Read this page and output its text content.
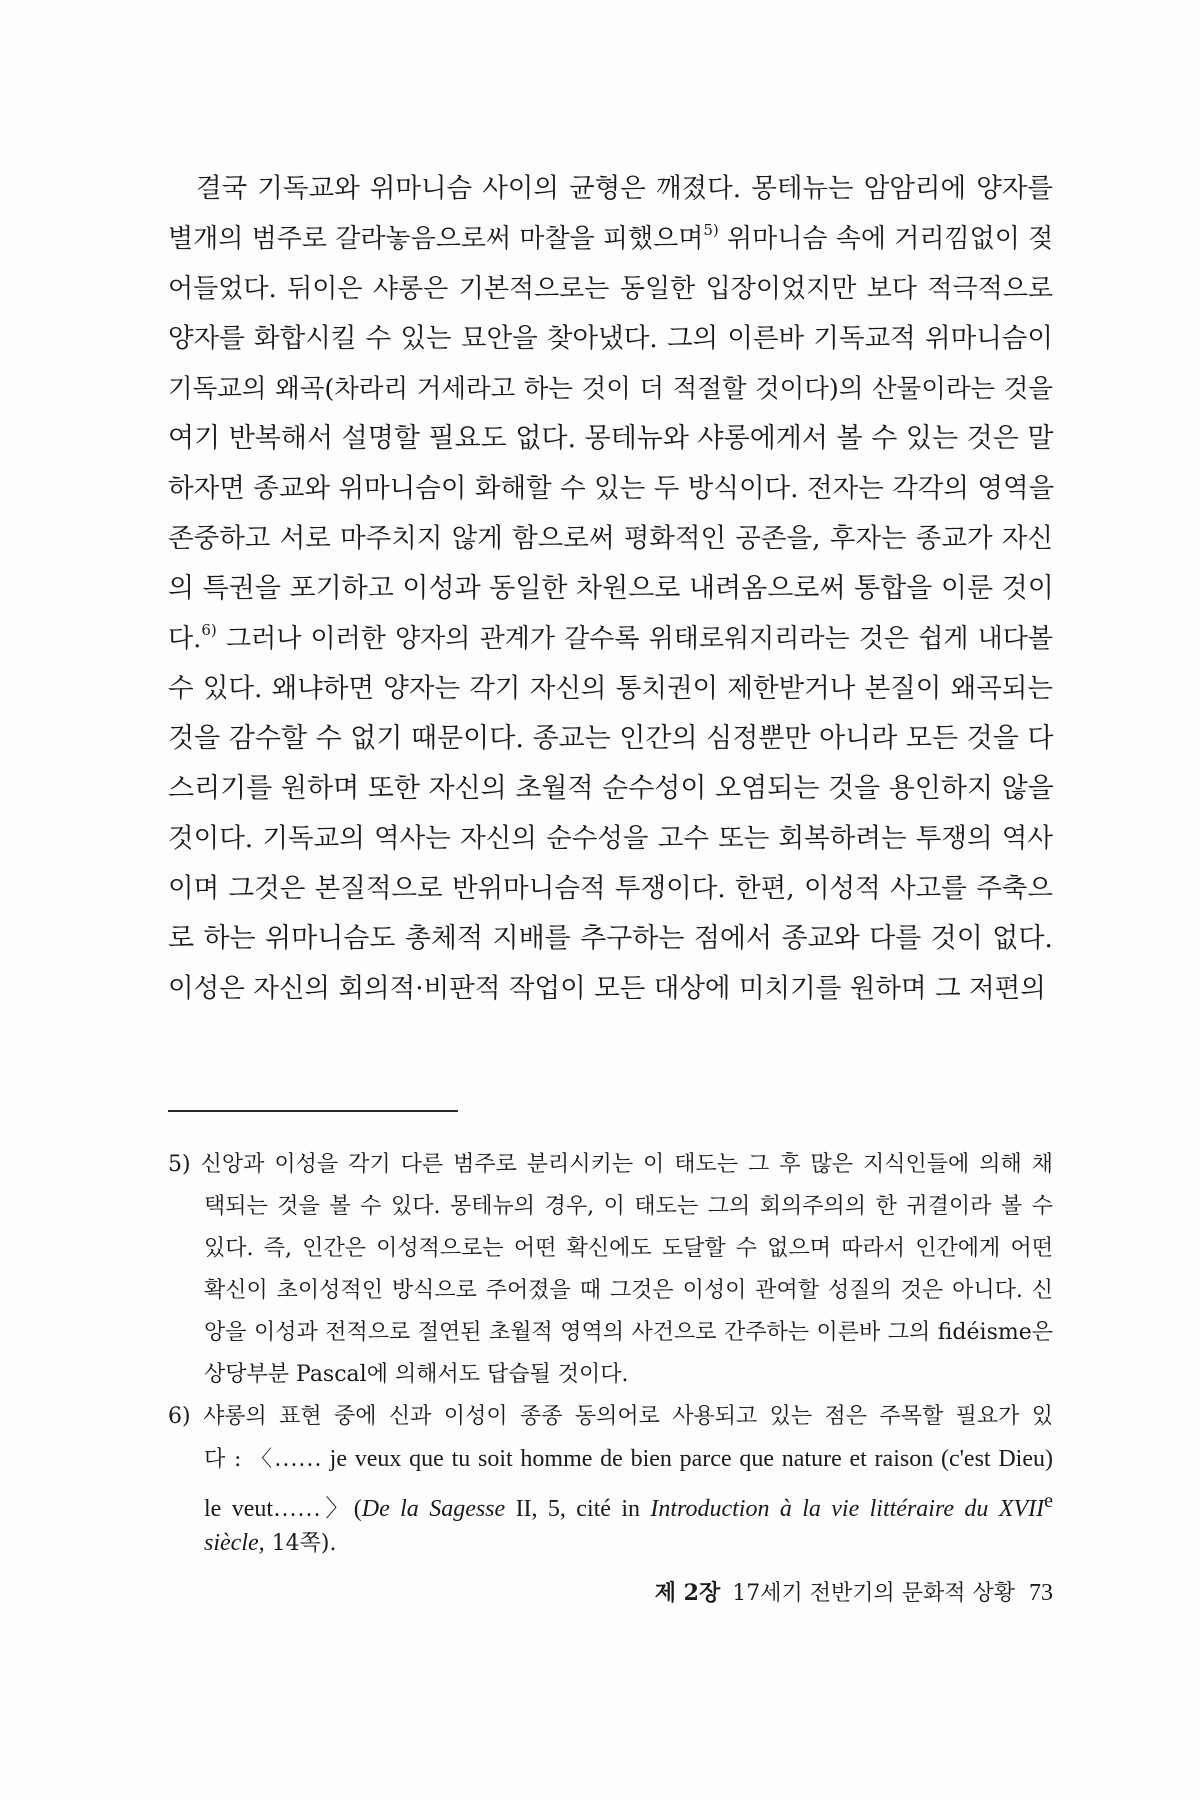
결국 기독교와 위마니슴 사이의 균형은 깨졌다. 몽테뉴는 암암리에 양자를
별개의 범주로 갈라놓음으로써 마찰을 피했으며$^{5)}$ 위마니슴 속에 거리낌없이 젖
어들었다. 뒤이은 샤롱은 기본적으로는 동일한 입장이었지만 보다 적극적으로
양자를 화합시킬 수 있는 묘안을 찾아냈다. 그의 이른바 기독교적 위마니슴이
기독교의 왜곡(차라리 거세라고 하는 것이 더 적절할 것이다)의 산물이라는 것을
여기 반복해서 설명할 필요도 없다. 몽테뉴와 샤롱에게서 볼 수 있는 것은 말
하자면 종교와 위마니슴이 화해할 수 있는 두 방식이다. 전자는 각각의 영역을
존중하고 서로 마주치지 않게 함으로써 평화적인 공존을, 후자는 종교가 자신
의 특권을 포기하고 이성과 동일한 차원으로 내려옴으로써 통합을 이룬 것이
다.$^{6)}$ 그러나 이러한 양자의 관계가 갈수록 위태로워지리라는 것은 쉽게 내다볼
수 있다. 왜냐하면 양자는 각기 자신의 통치권이 제한받거나 본질이 왜곡되는
것을 감수할 수 없기 때문이다. 종교는 인간의 심정뿐만 아니라 모든 것을 다
스리기를 원하며 또한 자신의 초월적 순수성이 오염되는 것을 용인하지 않을
것이다. 기독교의 역사는 자신의 순수성을 고수 또는 회복하려는 투쟁의 역사
이며 그것은 본질적으로 반위마니슴적 투쟁이다. 한편, 이성적 사고를 주축으
로 하는 위마니슴도 총체적 지배를 추구하는 점에서 종교와 다를 것이 없다.
이성은 자신의 회의적·비판적 작업이 모든 대상에 미치기를 원하며 그 저편의
5) 신앙과 이성을 각기 다른 범주로 분리시키는 이 태도는 그 후 많은 지식인들에 의해 채
택되는 것을 볼 수 있다. 몽테뉴의 경우, 이 태도는 그의 회의주의의 한 귀결이라 볼 수
있다. 즉, 인간은 이성적으로는 어떤 확신에도 도달할 수 없으며 따라서 인간에게 어떤
확신이 초이성적인 방식으로 주어졌을 때 그것은 이성이 관여할 성질의 것은 아니다. 신
앙을 이성과 전적으로 절연된 초월적 영역의 사건으로 간주하는 이른바 그의 fidéisme은
상당부분 Pascal에 의해서도 답습될 것이다.
6) 샤롱의 표현 중에 신과 이성이 종종 동의어로 사용되고 있는 점은 주목할 필요가 있
다 : 〈…… je veux que tu soit homme de bien parce que nature et raison (c'est Dieu)
le veut……〉(De la Sagesse II, 5, cité in Introduction à la vie littéraire du XVIIe
siècle, 14쪽).
제 2장 17세기 전반기의 문화적 상황 73
